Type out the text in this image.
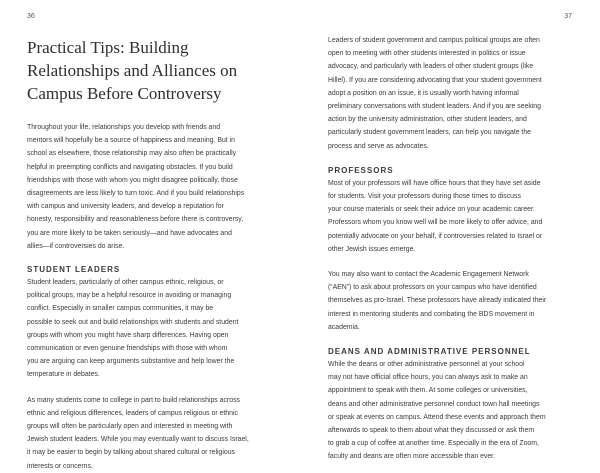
36
Practical Tips: Building
Relationships and Alliances on
Campus Before Controversy

Throughout your life, relationships you develop with friends and
mentors will hopefully be a source of happiness and meaning. But in
school as elsewhere, those relationship may also often be practically
helpful in preempting conflicts and navigating obstacles. If you build
friendships with those with whom you might disagree politically, those
disagreements are less likely to turn toxic. And if you build relationships
with campus and university leaders, and develop a reputation for
honesty, responsibility and reasonableness before there is controversy,
you are more likely to be taken seriously—and have advocates and
allies—if controversies do arise.

STUDENT LEADERS

Student leaders, particularly of other campus ethnic, religious, or
political groups, may be a helpful resource in avoiding or managing
conflict. Especially in smaller campus communities, it may be
possible to seek out and build relationships with students and student
groups with whom you might have sharp differences. Having open
communication or even genuine friendships with those with whom
you are arguing can keep arguments substantive and help lower the
temperature in debates.

As many students come to college in part to build relationships across
ethnic and religious differences, leaders of campus religious or ethnic
groups will often be particularly open and interested in meeting with
Jewish student leaders. While you may eventually want to discuss Israel,
it may be easier to begin by talking about shared cultural or religious
interests or concerns.

37

Leaders of student government and campus political groups are often
open to meeting with other students interested in politics or issue
advocacy, and particularly with leaders of other student groups (like
Hillel). If you are considering advocating that your student government
adopt a position on an issue, it is usually worth having informal
preliminary conversations with student leaders. And if you are seeking
action by the university administration, other student leaders, and
particularly student government leaders, can help you navigate the
process and serve as advocates.

PROFESSORS

Most of your professors will have office hours that they have set aside
for students. Visit your professors during those times to discuss
your course materials or seek their advice on your academic career.
Professors whom you know well will be more likely to offer advice, and
potentially advocate on your behalf, if controversies related to Israel or
other Jewish issues emerge.

You may also want to contact the Academic Engagement Network
(“AEN”) to ask about professors on your campus who have identified
themselves as pro-Israel. These professors have already indicated their
interest in mentoring students and combating the BDS movement in
academia.

DEANS AND ADMINISTRATIVE PERSONNEL

While the deans or other administrative personnel at your school
may not have official office hours, you can always ask to make an
appointment to speak with them. At some colleges or universities,
deans and other administrative personnel conduct town hall meetings
or speak at events on campus. Attend these events and approach them
afterwards to speak to them about what they discussed or ask them
to grab a cup of coffee at another time. Especially in the era of Zoom,
faculty and deans are often more accessible than ever.
